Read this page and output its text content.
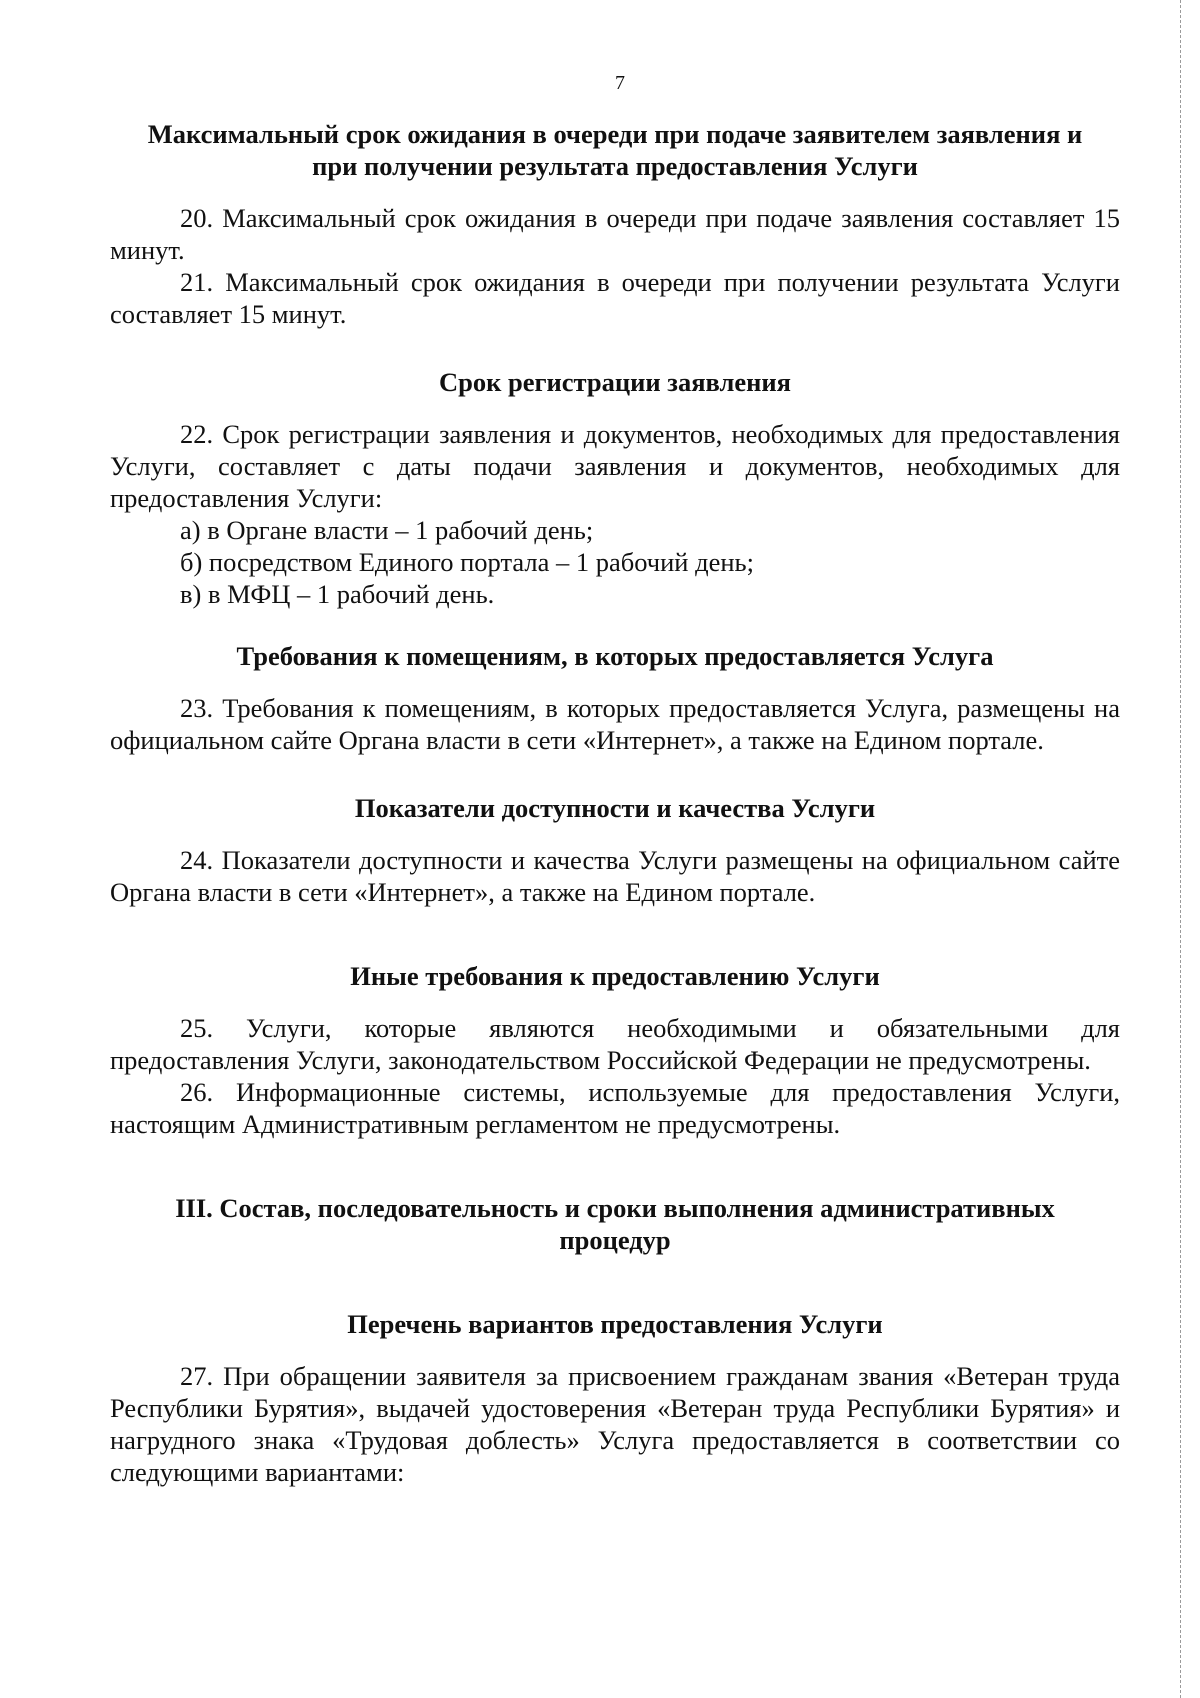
7

Максимальный срок ожидания в очереди при подаче заявителем заявления и при получении результата предоставления Услуги

20. Максимальный срок ожидания в очереди при подаче заявления составляет 15 минут.

21. Максимальный срок ожидания в очереди при получении результата Услуги составляет 15 минут.

Срок регистрации заявления

22. Срок регистрации заявления и документов, необходимых для предоставления Услуги, составляет с даты подачи заявления и документов, необходимых для предоставления Услуги:

а) в Органе власти – 1 рабочий день;

б) посредством Единого портала – 1 рабочий день;

в) в МФЦ – 1 рабочий день.

Требования к помещениям, в которых предоставляется Услуга

23. Требования к помещениям, в которых предоставляется Услуга, размещены на официальном сайте Органа власти в сети «Интернет», а также на Едином портале.

Показатели доступности и качества Услуги

24. Показатели доступности и качества Услуги размещены на официальном сайте Органа власти в сети «Интернет», а также на Едином портале.

Иные требования к предоставлению Услуги

25. Услуги, которые являются необходимыми и обязательными для предоставления Услуги, законодательством Российской Федерации не предусмотрены.

26. Информационные системы, используемые для предоставления Услуги, настоящим Административным регламентом не предусмотрены.

III. Состав, последовательность и сроки выполнения административных процедур

Перечень вариантов предоставления Услуги

27. При обращении заявителя за присвоением гражданам звания «Ветеран труда Республики Бурятия», выдачей удостоверения «Ветеран труда Республики Бурятия» и нагрудного знака «Трудовая доблесть» Услуга предоставляется в соответствии со следующими вариантами:
